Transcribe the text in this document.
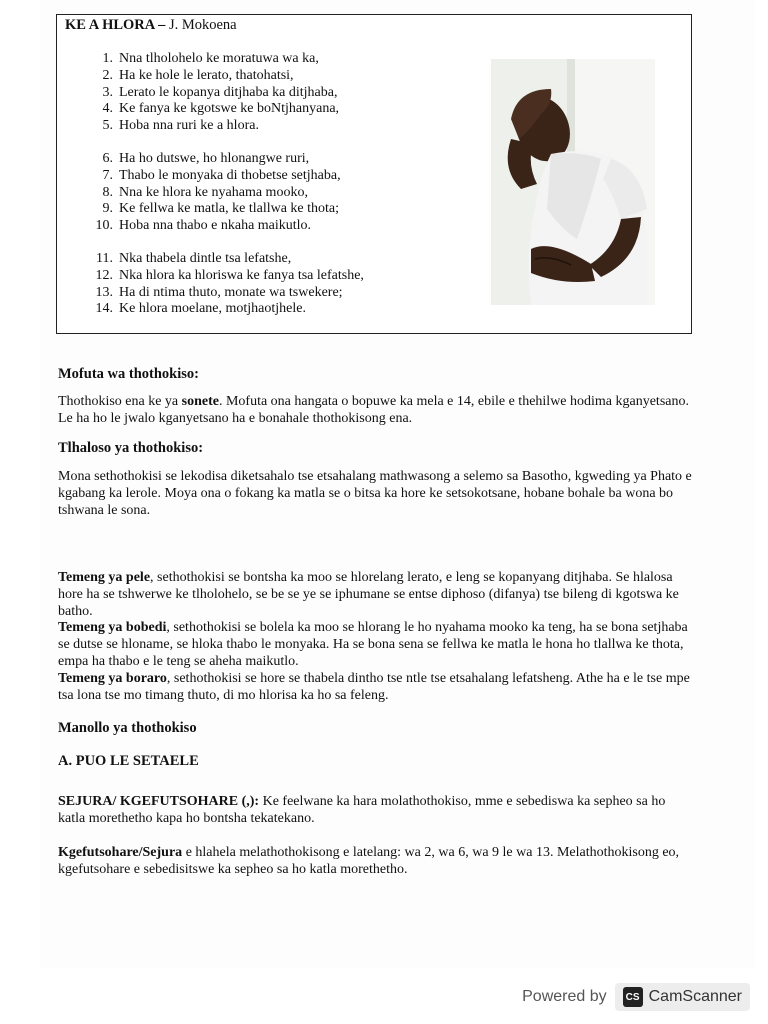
KE A HLORA – J. Mokoena
1. Nna tlholohelo ke moratuwa wa ka,
2. Ha ke hole le lerato, thatohatsi,
3. Lerato le kopanya ditjhaba ka ditjhaba,
4. Ke fanya ke kgotswe ke boNtjhanyana,
5. Hoba nna ruri ke a hlora.
6. Ha ho dutswe, ho hlonangwe ruri,
7. Thabo le monyaka di thobetse setjhaba,
8. Nna ke hlora ke nyahama mooko,
9. Ke fellwa ke matla, ke tlallwa ke thota;
10. Hoba nna thabo e nkaha maikutlo.
11. Nka thabela dintle tsa lefatshe,
12. Nka hlora ka hloriswa ke fanya tsa lefatshe,
13. Ha di ntima thuto, monate wa tswekere;
14. Ke hlora moelane, motjhaotjhele.
Mofuta wa thothokiso:

Thothokiso ena ke ya sonete. Mofuta ona hangata o bopuwe ka mela e 14, ebile e thehilwe hodima kganyetsano. Le ha ho le jwalo kganyetsano ha e bonahale thothokisong ena.

Tlhaloso ya thothokiso:

Mona sethothokisi se lekodisa diketsahalo tse etsahalang mathwasong a selemo sa Basotho, kgweding ya Phato e kgabang ka lerole. Moya ona o fokang ka matla se o bitsa ka hore ke setsokotsane, hobane bohale ba wona bo tshwana le sona.

Temeng ya pele, sethothokisi se bontsha ka moo se hlorelang lerato, e leng se kopanyang ditjhaba. Se hlalosa hore ha se tshwerwe ke tlholohelo, se be se ye se iphumane se entse diphoso (difanya) tse bileng di kgotswa ke batho.

Temeng ya bobedi, sethothokisi se bolela ka moo se hlorang le ho nyahama mooko ka teng, ha se bona setjhaba se dutse se hloname, se hloka thabo le monyaka. Ha se bona sena se fellwa ke matla le hona ho tlallwa ke thota, empa ha thabo e le teng se aheha maikutlo.

Temeng ya boraro, sethothokisi se hore se thabela dintho tse ntle tse etsahalang lefatsheng. Athe ha e le tse mpe tsa lona tse mo timang thuto, di mo hlorisa ka ho sa feleng.

Manollo ya thothokiso
A. PUO LE SETAELE

SEJURA/ KGEFUTSOHARE (,): Ke feelwane ka hara molathothokiso, mme e sebediswa ka sepheo sa ho katla morethetho kapa ho bontsha tekatekano.

Kgefutsohare/Sejura e hlahela melathothokisong e latelang: wa 2, wa 6, wa 9 le wa 13. Melathothokisong eo, kgefutsohare e sebedisitswe ka sepheo sa ho katla morethetho.

Powered by	CS CamScanner
